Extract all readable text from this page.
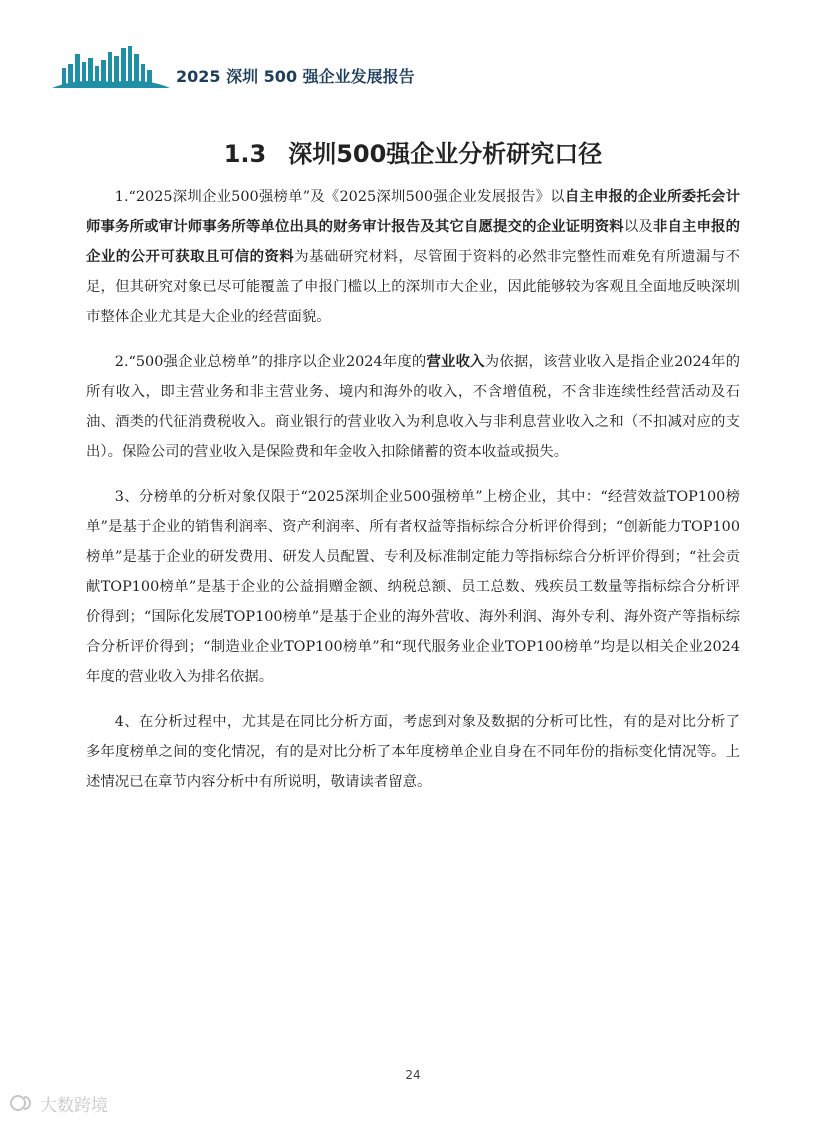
2025 深圳 500 强企业发展报告
1.3 深圳500强企业分析研究口径

1.“2025深圳企业500强榜单”及《2025深圳500强企业发展报告》以自主申报的企业所委托会计师事务所或审计师事务所等单位出具的财务审计报告及其它自愿提交的企业证明资料以及非自主申报的企业的公开可获取且可信的资料为基础研究材料，尽管囿于资料的必然非完整性而难免有所遗漏与不足，但其研究对象已尽可能覆盖了申报门槛以上的深圳市大企业，因此能够较为客观且全面地反映深圳市整体企业尤其是大企业的经营面貌。

2.“500强企业总榜单”的排序以企业2024年度的营业收入为依据，该营业收入是指企业2024年的所有收入，即主营业务和非主营业务、境内和海外的收入，不含增值税，不含非连续性经营活动及石油、酒类的代征消费税收入。商业银行的营业收入为利息收入与非利息营业收入之和（不扣减对应的支出）。保险公司的营业收入是保险费和年金收入扣除储蓄的资本收益或损失。

3、分榜单的分析对象仅限于“2025深圳企业500强榜单”上榜企业，其中：“经营效益TOP100榜单”是基于企业的销售利润率、资产利润率、所有者权益等指标综合分析评价得到；“创新能力TOP100榜单”是基于企业的研发费用、研发人员配置、专利及标准制定能力等指标综合分析评价得到；“社会贡献TOP100榜单”是基于企业的公益捐赠金额、纳税总额、员工总数、残疾员工数量等指标综合分析评价得到；“国际化发展TOP100榜单”是基于企业的海外营收、海外利润、海外专利、海外资产等指标综合分析评价得到；“制造业企业TOP100榜单”和“现代服务业企业TOP100榜单”均是以相关企业2024年度的营业收入为排名依据。

4、在分析过程中，尤其是在同比分析方面，考虑到对象及数据的分析可比性，有的是对比分析了多年度榜单之间的变化情况，有的是对比分析了本年度榜单企业自身在不同年份的指标变化情况等。上述情况已在章节内容分析中有所说明，敬请读者留意。

24
大数跨境
